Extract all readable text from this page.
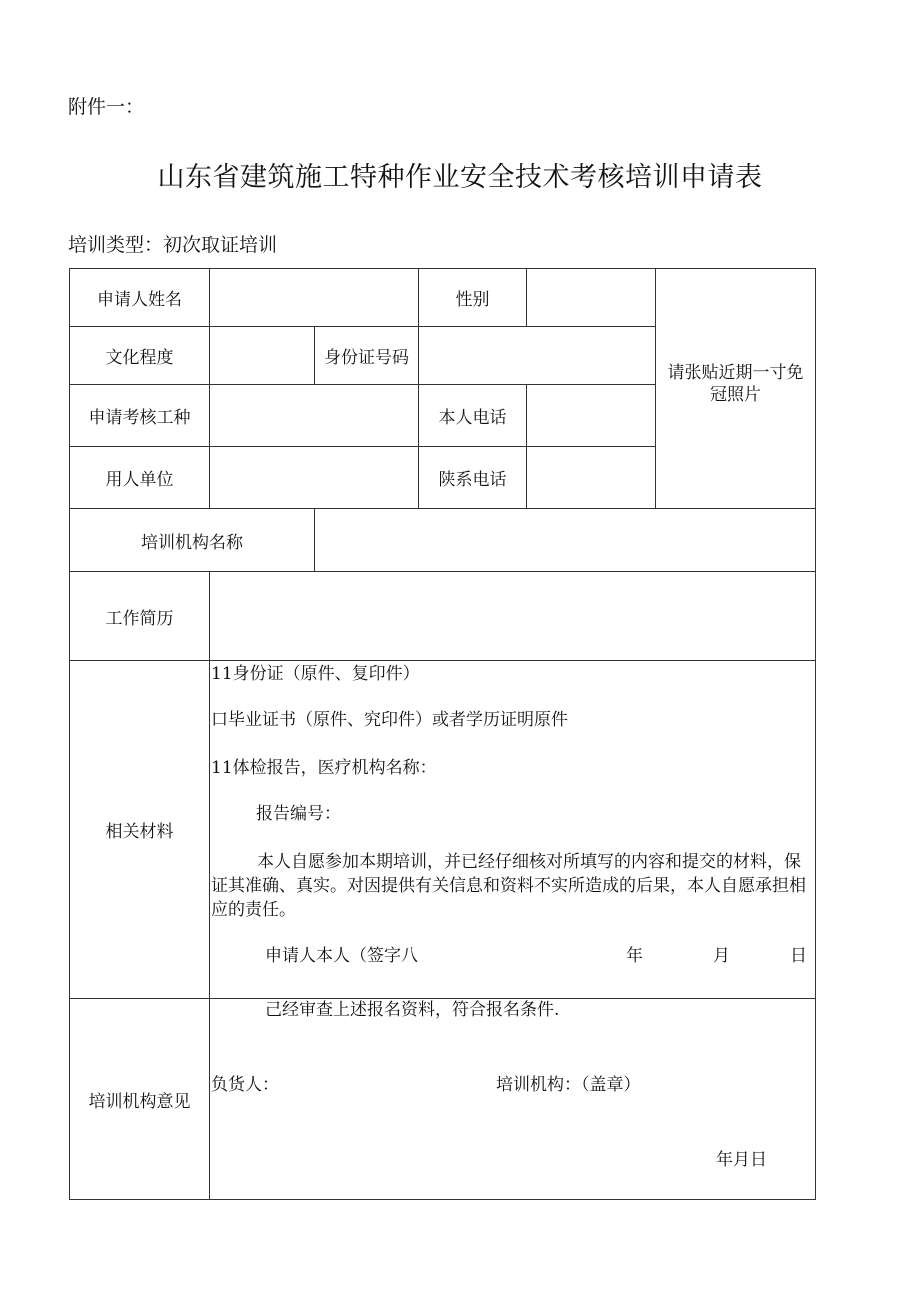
附件一：
山东省建筑施工特种作业安全技术考核培训申请表
培训类型：初次取证培训
申请人姓名	性别
请张贴近期一寸免冠照片
文化程度	身份证号码
申请考核工种	本人电话
用人单位	陕系电话
培训机构名称
工作简历
相关材料
11身份证（原件、复印件）
口毕业证书（原件、究印件）或者学历证明原件
11体检报告，医疗机构名称：
报告编号：
本人自愿参加本期培训，并已经仔细核对所填写的内容和提交的材料，保证其准确、真实。对因提供有关信息和资料不实所造成的后果，本人自愿承担相应的责任。
申请人本人（签字八	年	月	日
培训机构意见
己经审查上述报名资料，符合报名条件.
负货人：	培训机构：（盖章）
年月日
